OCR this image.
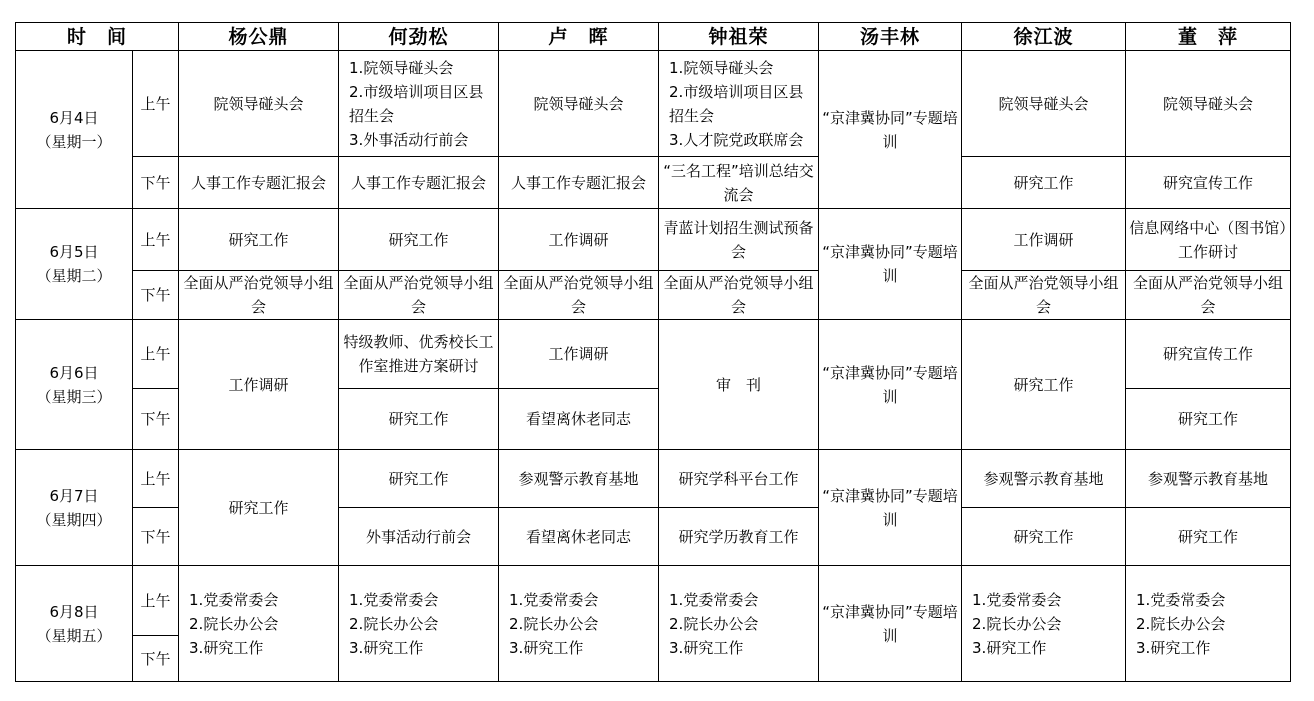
时　间		杨公鼎	何劲松	卢　晖	钟祖荣	汤丰林	徐江波	董　萍

6月4日
（星期一）	上午	院领导碰头会	1.院领导碰头会
2.市级培训项目区县招生会
3.外事活动行前会	院领导碰头会	1.院领导碰头会
2.市级培训项目区县招生会
3.人才院党政联席会	“京津冀协同”专题培训	院领导碰头会	院领导碰头会
	下午	人事工作专题汇报会	人事工作专题汇报会	人事工作专题汇报会	“三名工程”培训总结交流会		研究工作	研究宣传工作

6月5日
（星期二）	上午	研究工作	研究工作	工作调研	青蓝计划招生测试预备会	“京津冀协同”专题培训	工作调研	信息网络中心（图书馆）工作研讨
	下午	全面从严治党领导小组会	全面从严治党领导小组会	全面从严治党领导小组会	全面从严治党领导小组会		全面从严治党领导小组会	全面从严治党领导小组会

6月6日
（星期三）	上午	工作调研	特级教师、优秀校长工作室推进方案研讨	工作调研	审　刊	“京津冀协同”专题培训	研究工作	研究宣传工作
	下午		研究工作	看望离休老同志				研究工作

6月7日
（星期四）	上午	研究工作	研究工作	参观警示教育基地	研究学科平台工作	“京津冀协同”专题培训	参观警示教育基地	参观警示教育基地
	下午		外事活动行前会	看望离休老同志	研究学历教育工作		研究工作	研究工作

6月8日
（星期五）	上午	1.党委常委会
2.院长办公会
3.研究工作	1.党委常委会
2.院长办公会
3.研究工作	1.党委常委会
2.院长办公会
3.研究工作	1.党委常委会
2.院长办公会
3.研究工作	“京津冀协同”专题培训	1.党委常委会
2.院长办公会
3.研究工作	1.党委常委会
2.院长办公会
3.研究工作

	下午							
